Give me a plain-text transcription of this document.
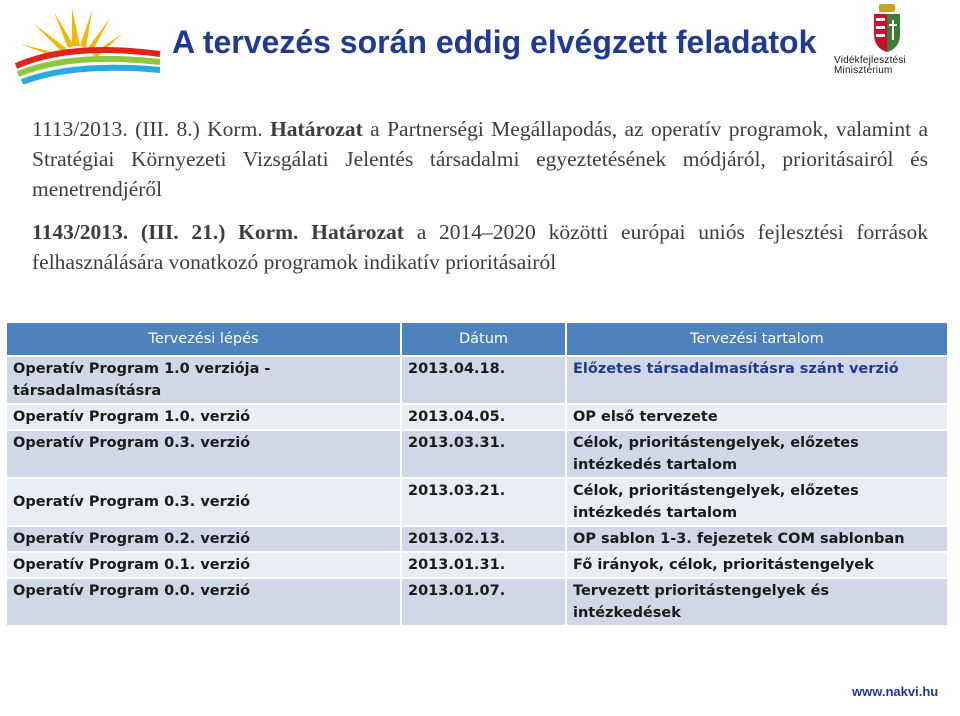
Vidékfejlesztési
Minisztérium
A tervezés során eddig elvégzett feladatok
1113/2013. (III. 8.) Korm. Határozat a Partnerségi Megállapodás, az operatív programok, valamint a Stratégiai Környezeti Vizsgálati Jelentés társadalmi egyeztetésének módjáról, prioritásairól és menetrendjéről
1143/2013. (III. 21.) Korm. Határozat a 2014–2020 közötti európai uniós fejlesztési források felhasználására vonatkozó programok indikatív prioritásairól
Tervezési lépés	Dátum	Tervezési tartalom
Operatív Program 1.0 verziója - társadalmasításra	2013.04.18.	Előzetes társadalmasításra szánt verzió
Operatív Program 1.0. verzió	2013.04.05.	OP első tervezete
Operatív Program 0.3. verzió	2013.03.31.	Célok, prioritástengelyek, előzetes intézkedés tartalom
Operatív Program 0.3. verzió	2013.03.21.	Célok, prioritástengelyek, előzetes intézkedés tartalom
Operatív Program 0.2. verzió	2013.02.13.	OP sablon 1-3. fejezetek COM sablonban
Operatív Program 0.1. verzió	2013.01.31.	Fő irányok, célok, prioritástengelyek
Operatív Program 0.0. verzió	2013.01.07.	Tervezett prioritástengelyek és intézkedések
www.nakvi.hu
